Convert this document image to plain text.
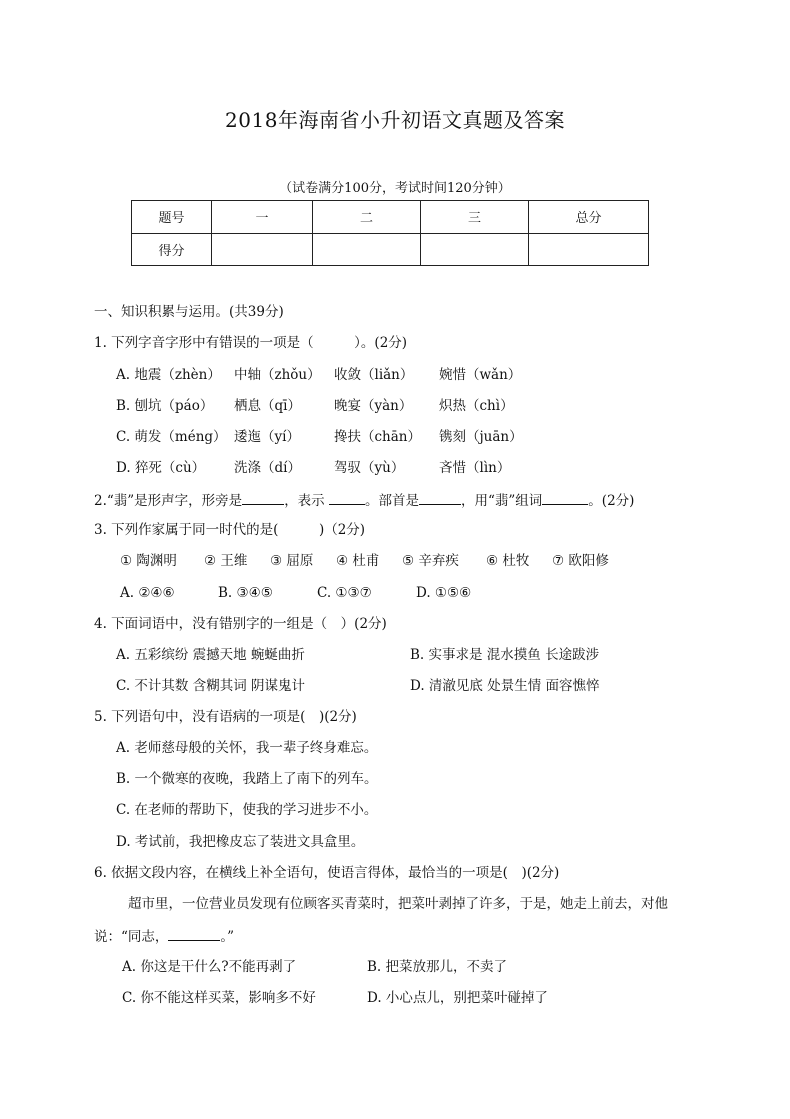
2018年海南省小升初语文真题及答案
（试卷满分100分，考试时间120分钟）
题号	一	二	三	总分
得分				
一、知识积累与运用。(共39分)
1. 下列字音字形中有错误的一项是（　　　）。(2分)
A. 地震（zhèn） 中轴（zhǒu） 收敛（liǎn） 婉惜（wǎn）
B. 刨坑（páo） 栖息（qī） 晚宴（yàn） 炽热（chì）
C. 萌发（méng） 逶迤（yí）	搀扶（chān） 镌刻（juān）
D. 猝死（cù） 洗涤（dí） 驾驭（yù）	吝惜（lìn）
2.“翡”是形声字，形旁是	，表示	。部首是	，用“翡”组词	。(2分)
3. 下列作家属于同一时代的是(　　　)（2分)
① 陶渊明 ② 王维 ③ 屈原 ④ 杜甫 ⑤ 辛弃疾 ⑥ 杜牧 ⑦ 欧阳修
A. ②④⑥	B. ③④⑤	C. ①③⑦	D. ①⑤⑥
4. 下面词语中，没有错别字的一组是（　）(2分)
A. 五彩缤纷 震撼天地 蜿蜒曲折	B. 实事求是 混水摸鱼 长途跋涉
C. 不计其数 含糊其词 阴谋鬼计	D. 清澈见底 处景生情 面容憔悴
5. 下列语句中，没有语病的一项是(　)(2分)
A. 老师慈母般的关怀，我一辈子终身难忘。
B. 一个微寒的夜晚，我踏上了南下的列车。
C. 在老师的帮助下，使我的学习进步不小。
D. 考试前，我把橡皮忘了装进文具盒里。
6. 依据文段内容，在横线上补全语句，使语言得体，最恰当的一项是(　)(2分)
超市里，一位营业员发现有位顾客买青菜时，把菜叶剥掉了许多，于是，她走上前去，对他
说：“同志，	。”
A. 你这是干什么?不能再剥了	B. 把菜放那儿，不卖了
C. 你不能这样买菜，影响多不好	D. 小心点儿，别把菜叶碰掉了
